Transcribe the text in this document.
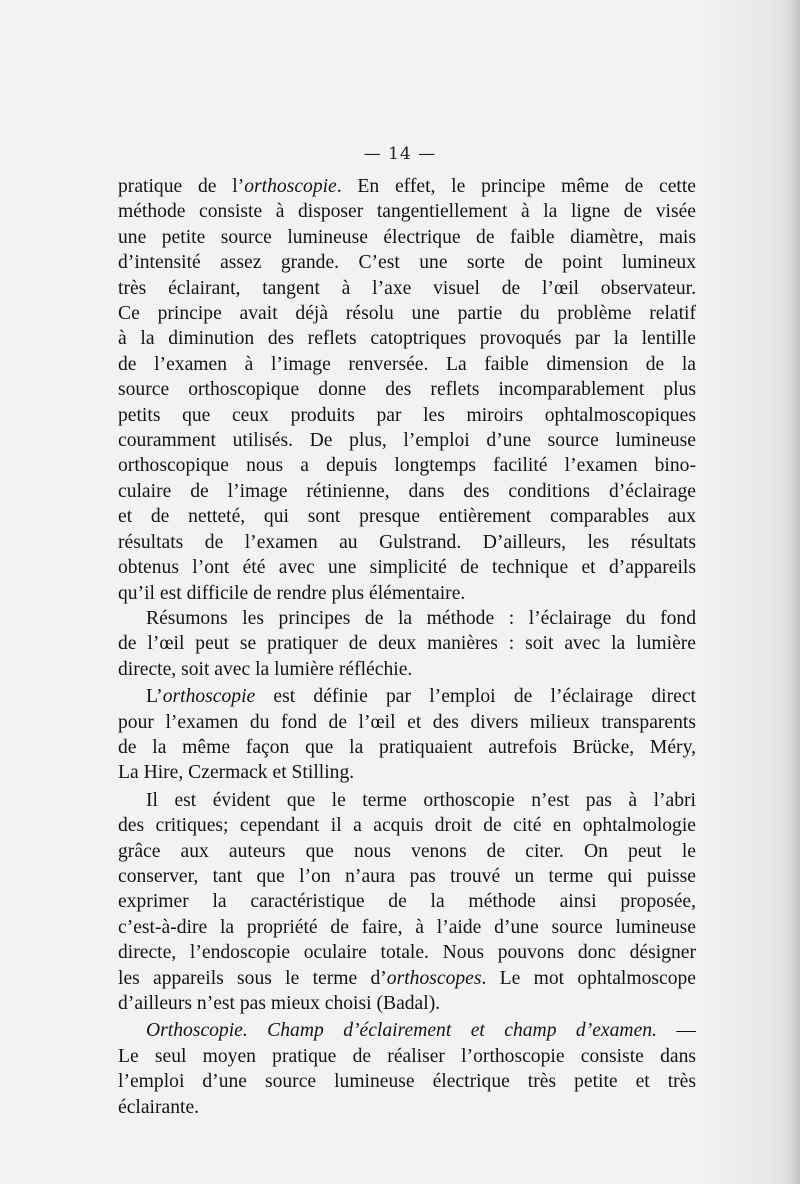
— 14 —

pratique de l’orthoscopie. En effet, le principe même de cette

méthode consiste à disposer tangentiellement à la ligne de visée

une petite source lumineuse électrique de faible diamètre, mais

d’intensité assez grande. C’est une sorte de point lumineux

très éclairant, tangent à l’axe visuel de l’œil observateur.

Ce principe avait déjà résolu une partie du problème relatif

à la diminution des reflets catoptriques provoqués par la lentille

de l’examen à l’image renversée. La faible dimension de la

source orthoscopique donne des reflets incomparablement plus

petits que ceux produits par les miroirs ophtalmoscopiques

couramment utilisés. De plus, l’emploi d’une source lumineuse

orthoscopique nous a depuis longtemps facilité l’examen bino-

culaire de l’image rétinienne, dans des conditions d’éclairage

et de netteté, qui sont presque entièrement comparables aux

résultats de l’examen au Gulstrand. D’ailleurs, les résultats

obtenus l’ont été avec une simplicité de technique et d’appareils

qu’il est difficile de rendre plus élémentaire.

Résumons les principes de la méthode : l’éclairage du fond

de l’œil peut se pratiquer de deux manières : soit avec la lumière

directe, soit avec la lumière réfléchie.

L’orthoscopie est définie par l’emploi de l’éclairage direct

pour l’examen du fond de l’œil et des divers milieux transparents

de la même façon que la pratiquaient autrefois Brücke, Méry,

La Hire, Czermack et Stilling.

Il est évident que le terme orthoscopie n’est pas à l’abri

des critiques; cependant il a acquis droit de cité en ophtalmologie

grâce aux auteurs que nous venons de citer. On peut le

conserver, tant que l’on n’aura pas trouvé un terme qui puisse

exprimer la caractéristique de la méthode ainsi proposée,

c’est-à-dire la propriété de faire, à l’aide d’une source lumineuse

directe, l’endoscopie oculaire totale. Nous pouvons donc désigner

les appareils sous le terme d’orthoscopes. Le mot ophtalmoscope

d’ailleurs n’est pas mieux choisi (Badal).

Orthoscopie. Champ d’éclairement et champ d’examen. —

Le seul moyen pratique de réaliser l’orthoscopie consiste dans

l’emploi d’une source lumineuse électrique très petite et très

éclairante.
